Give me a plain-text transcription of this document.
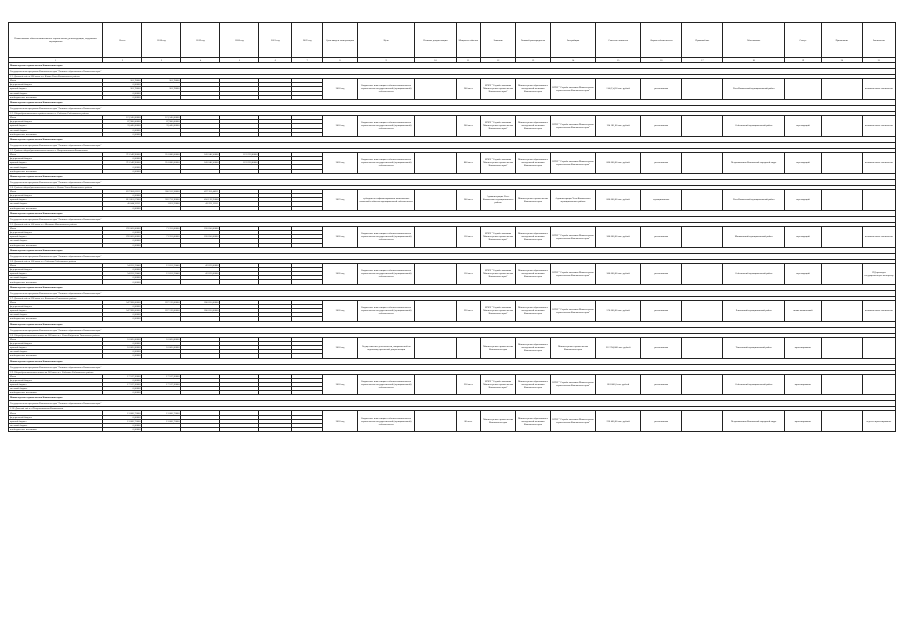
Наименование объекта капитального строительства, реконструкции, содержание мероприятия	Всего	2018 год	2019 год	2020 год	2021 год	2022 год	Срок ввода в эксплуатацию	Цель	Наличие документации	Мощность объекта	Заказчик	Главный распорядитель	Застройщик	Сметная стоимость	Форма собственности	Правовой акт	Обоснование	Статус	Примечание	Заключение
1	2	3	4	5	6	7	8	9	10	11	12	13	14	15	16	17	18	19	20	21
Министерство строительства Камчатского края																				
Государственная программа Камчатского края "Развитие образования в Камчатском крае"																				
2.1. Детский сад на 200 мест в п. Ключи Усть-Камчатского района																				
Итого	301,78000	301,78000					2018 год	Бюджетные инвестиции в объекты капитального строительства государственной (муниципальной) собственности		200 мест	КГКУ "Служба заказчика Министерства строительства Камчатского края"	Министерство образования и молодежной политики Камчатского края	КГКУ "Служба заказчика Министерства строительства Камчатского края"	114 (1)4,50 тыс. рублей	региональная		Усть-Камчатский муниципальный район			положительное заключение
федеральный бюджет	0,00000																			
краевой бюджет	301,78000	301,78000																		
местный бюджет	0,00000																			
внебюджетные источники	0,00000																			
Министерство строительства Камчатского края																				
Государственная программа Камчатского края "Развитие образования в Камчатском крае"																				
2.2. Общеобразовательная средняя школа в с. Соболево Соболевского района																				
Итого	121,345,00000	121,345,00000					2018 год	Бюджетные инвестиции в объекты капитального строительства государственной (муниципальной) собственности		200 мест	КГКУ "Служба заказчика Министерства строительства Камчатского края"	Министерство образования и молодежной политики Камчатского края	КГКУ "Служба заказчика Министерства строительства Камчатского края"	124 181,00 тыс. рублей	региональная		Соболевский муниципальный район	переходящий		положительное заключение
федеральный бюджет	87,900,00000	87,900,00000																		
краевой бюджет	33,445,00000	33,445,00000																		
местный бюджет	0,00000																			
внебюджетные источники	0,00000																			
Министерство строительства Камчатского края																				
Государственная программа Камчатского края "Развитие образования в Камчатском крае"																				
2.3. Средняя общеобразовательная школа в г. Петропавловске-Камчатском																				
Итого	713 549,90000	351 086,60000	243 240,50000	119 222,80000			2020 год	Бюджетные инвестиции в объекты капитального строительства государственной (муниципальной) собственности		800 мест	КГКУ "Служба заказчика Министерства строительства Камчатского края"	Министерство образования и молодежной политики Камчатского края	КГКУ "Служба заказчика Министерства строительства Камчатского края"	860 000,00 тыс. рублей	региональная		Петропавловск-Камчатский городской округ	переходящий		положительное заключение
федеральный бюджет	0,00000																			
краевой бюджет	713 549,90000	351 086,60000	243 240,50000	119 222,80000																
местный бюджет	0,00000																			
внебюджетные источники	0,00000																			
Министерство строительства Камчатского края																				
Государственная программа Камчатского края "Развитие образования в Камчатском крае"																				
2.4. Средняя общеобразовательная школа в с. Ключи Усть-Камчатского района																				
Итого	857 906,02511	360 552,58000	497 353,44511				2019 год	субсидии на софинансирование капитальных вложений в объекты муниципальной собственности		300 мест	Администрация Усть-Камчатского муниципального района	Министерство строительства Камчатского края	Администрация Усть-Камчатского муниципального района	860 000,00 тыс. рублей	муниципальная		Усть-Камчатский муниципальный район	переходящий		
федеральный бюджет	0,00000																			
краевой бюджет	812 861,67000	362 731,36000	450 132,25000																	
местный бюджет	45 044,35511	1 821,22000	43 223,13511																	
внебюджетные источники	0,00000																			
Министерство строительства Камчатского края																				
Государственная программа Камчатского края "Развитие образования в Камчатском крае"																				
2.5. Детский сад на 150 мест в с. Мильково Мильковского района																				
Итого	292 003,00000	71 353,00000	220 650,00000				2020 год	Бюджетные инвестиции в объекты капитального строительства государственной (муниципальной) собственности		150 мест	КГКУ "Служба заказчика Министерства строительства Камчатского края"	Министерство образования и молодежной политики Камчатского края	КГКУ "Служба заказчика Министерства строительства Камчатского края"	300 000,00 тыс. рублей	региональная		Мильковский муниципальный район	переходящий		положительное заключение
федеральный бюджет	0,00000																			
краевой бюджет	292 003,00000	71 353,00000	220 650,00000																	
местный бюджет	0,00000																			
внебюджетные источники	0,00000																			
Министерство строительства Камчатского края																				
Государственная программа Камчатского края "Развитие образования в Камчатском крае"																				
2.6. Детский сад на 150 мест в с. Соболево Соболевского района																				
Итого	54 653,23440	12 031,23440	42 622,00000				2020 год	Бюджетные инвестиции в объекты капитального строительства государственной (муниципальной) собственности		150 мест	КГКУ "Служба заказчика Министерства строительства Камчатского края"	Министерство образования и молодежной политики Камчатского края	КГКУ "Служба заказчика Министерства строительства Камчатского края"	300 000,00 тыс. рублей	региональная		Соболевский муниципальный район	переходящий		ПД проходит государственную экспертизу
федеральный бюджет	0,00000																			
краевой бюджет	54 653,23440	12 031,23440	42 622,00000																	
местный бюджет	0,00000																			
внебюджетные источники	0,00000																			
Министерство строительства Камчатского края																				
Государственная программа Камчатского края "Развитие образования в Камчатском крае"																				
2.7. Детский сад на 220 мест в п. Вилючинск Елизовского района																				
Итого	547 968,00000	267 312,00000	280 655,00000				2020 год	Бюджетные инвестиции в объекты капитального строительства государственной (муниципальной) собственности		220 мест	КГКУ "Служба заказчика Министерства строительства Камчатского края"	Министерство образования и молодежной политики Камчатского края	КГКУ "Служба заказчика Министерства строительства Камчатского края"	570 000,00 тыс. рублей	региональная		Елизовский муниципальный район	вновь начинаемый		положительное заключение
федеральный бюджет	0,00000																			
краевой бюджет	547 968,00000	267 312,00000	280 655,00000																	
местный бюджет	0,00000																			
внебюджетные источники	0,00000																			
Министерство строительства Камчатского края																				
Государственная программа Камчатского края "Развитие образования в Камчатском крае"																				
2.8. Общеобразовательная школа на 300 мест в с. Усть-Хайрюзово Тигильского района																				
Итого	10 005,00000	10 005,00000					2018 год	Осуществление деятельности, направленной на подготовку проектной документации			Министерство строительства Камчатского края	Министерство образования и молодежной политики Камчатского края	Министерство строительства Камчатского края	312 784,000 тыс. рублей	региональная		Тигильский муниципальный район	проектирование		
федеральный бюджет	0,00000																			
краевой бюджет	10 005,00000	10 005,00000																		
местный бюджет	0,00000																			
внебюджетные источники	0,00000																			
Министерство строительства Камчатского края																				
Государственная программа Камчатского края "Развитие образования в Камчатском крае"																				
2.9. Общеобразовательная школа на 250 мест в с. Соболево Соболевского района																				
Итого	17 537,26000	17 537,26000					2018 год	Бюджетные инвестиции в объекты капитального строительства государственной (муниципальной) собственности		250 мест	КГКУ "Служба заказчика Министерства строительства Камчатского края"	Министерство образования и молодежной политики Камчатского края	КГКУ "Служба заказчика Министерства строительства Камчатского края"	618 000,0 тыс. рублей	региональная		Соболевский муниципальный район	проектирование		
федеральный бюджет	0,00000																			
краевой бюджет	17 537,26000	17 537,26000																		
местный бюджет	0,00000																			
внебюджетные источники	0,00000																			
Министерство строительства Камчатского края																				
Государственная программа Камчатского края "Развитие образования в Камчатском крае"																				
2.10. Детский сад в г. Петропавловске-Камчатском																				
Итого	13 066,72000	13 066,72000					2018 год	Бюджетные инвестиции в объекты капитального строительства государственной (муниципальной) собственности		80 мест	Министерство строительства Камчатского края	Министерство образования и молодежной политики Камчатского края	КГКУ "Служба заказчика Министерства строительства Камчатского края"	226 400,00 тыс. рублей	региональная		Петропавловск-Камчатский городской округ	проектирование		ведется проектирование
федеральный бюджет	0,00000																			
краевой бюджет	13 066,72000	13 066,72000																		
местный бюджет	0,00000																			
внебюджетные источники	0,00000																			
